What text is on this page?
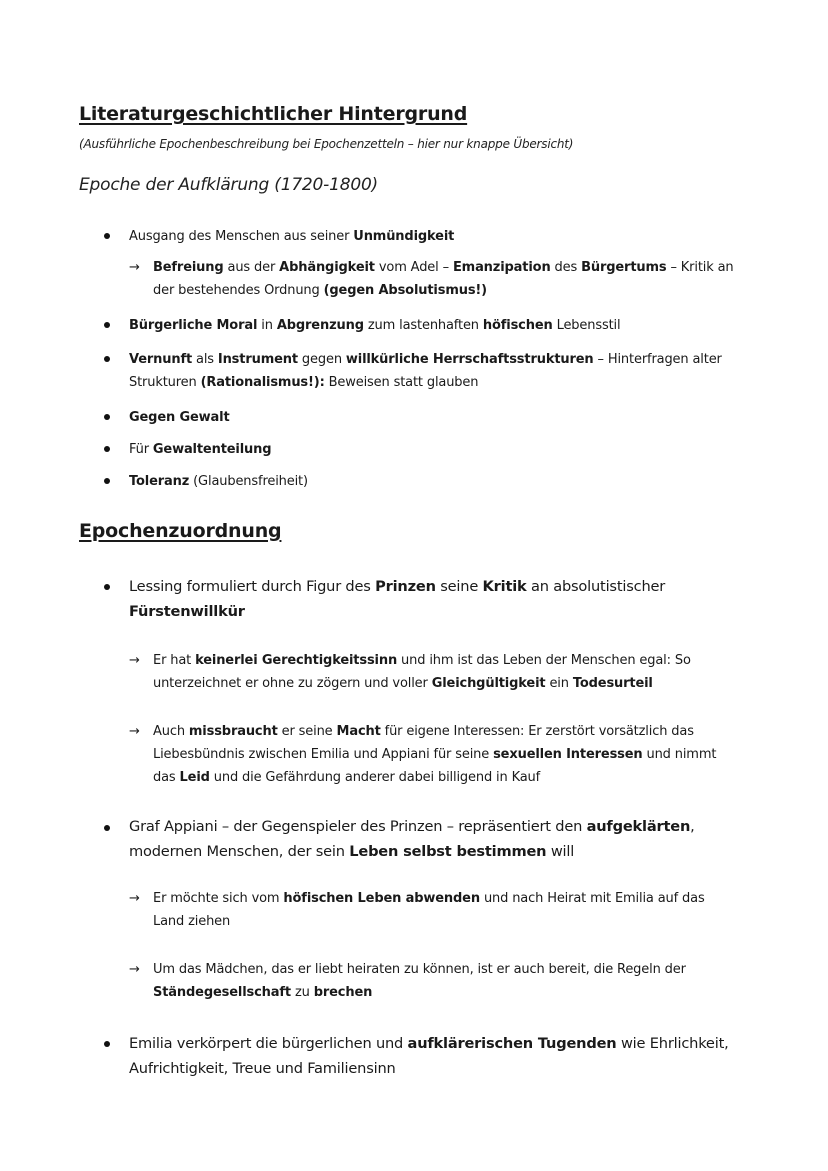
Literaturgeschichtlicher Hintergrund
(Ausführliche Epochenbeschreibung bei Epochenzetteln – hier nur knappe Übersicht)
Epoche der Aufklärung (1720-1800)
Ausgang des Menschen aus seiner Unmündigkeit
→ Befreiung aus der Abhängigkeit vom Adel – Emanzipation des Bürgertums – Kritik an
der bestehendes Ordnung (gegen Absolutismus!)
Bürgerliche Moral in Abgrenzung zum lastenhaften höfischen Lebensstil
Vernunft als Instrument gegen willkürliche Herrschaftsstrukturen – Hinterfragen alter
Strukturen (Rationalismus!): Beweisen statt glauben
Gegen Gewalt
Für Gewaltenteilung
Toleranz (Glaubensfreiheit)
Epochenzuordnung
Lessing formuliert durch Figur des Prinzen seine Kritik an absolutistischer
Fürstenwillkür
→ Er hat keinerlei Gerechtigkeitssinn und ihm ist das Leben der Menschen egal: So
unterzeichnet er ohne zu zögern und voller Gleichgültigkeit ein Todesurteil
→ Auch missbraucht er seine Macht für eigene Interessen: Er zerstört vorsätzlich das
Liebesbündnis zwischen Emilia und Appiani für seine sexuellen Interessen und nimmt
das Leid und die Gefährdung anderer dabei billigend in Kauf
Graf Appiani – der Gegenspieler des Prinzen – repräsentiert den aufgeklärten,
modernen Menschen, der sein Leben selbst bestimmen will
→ Er möchte sich vom höfischen Leben abwenden und nach Heirat mit Emilia auf das
Land ziehen
→ Um das Mädchen, das er liebt heiraten zu können, ist er auch bereit, die Regeln der
Ständegesellschaft zu brechen
Emilia verkörpert die bürgerlichen und aufklärerischen Tugenden wie Ehrlichkeit,
Aufrichtigkeit, Treue und Familiensinn
